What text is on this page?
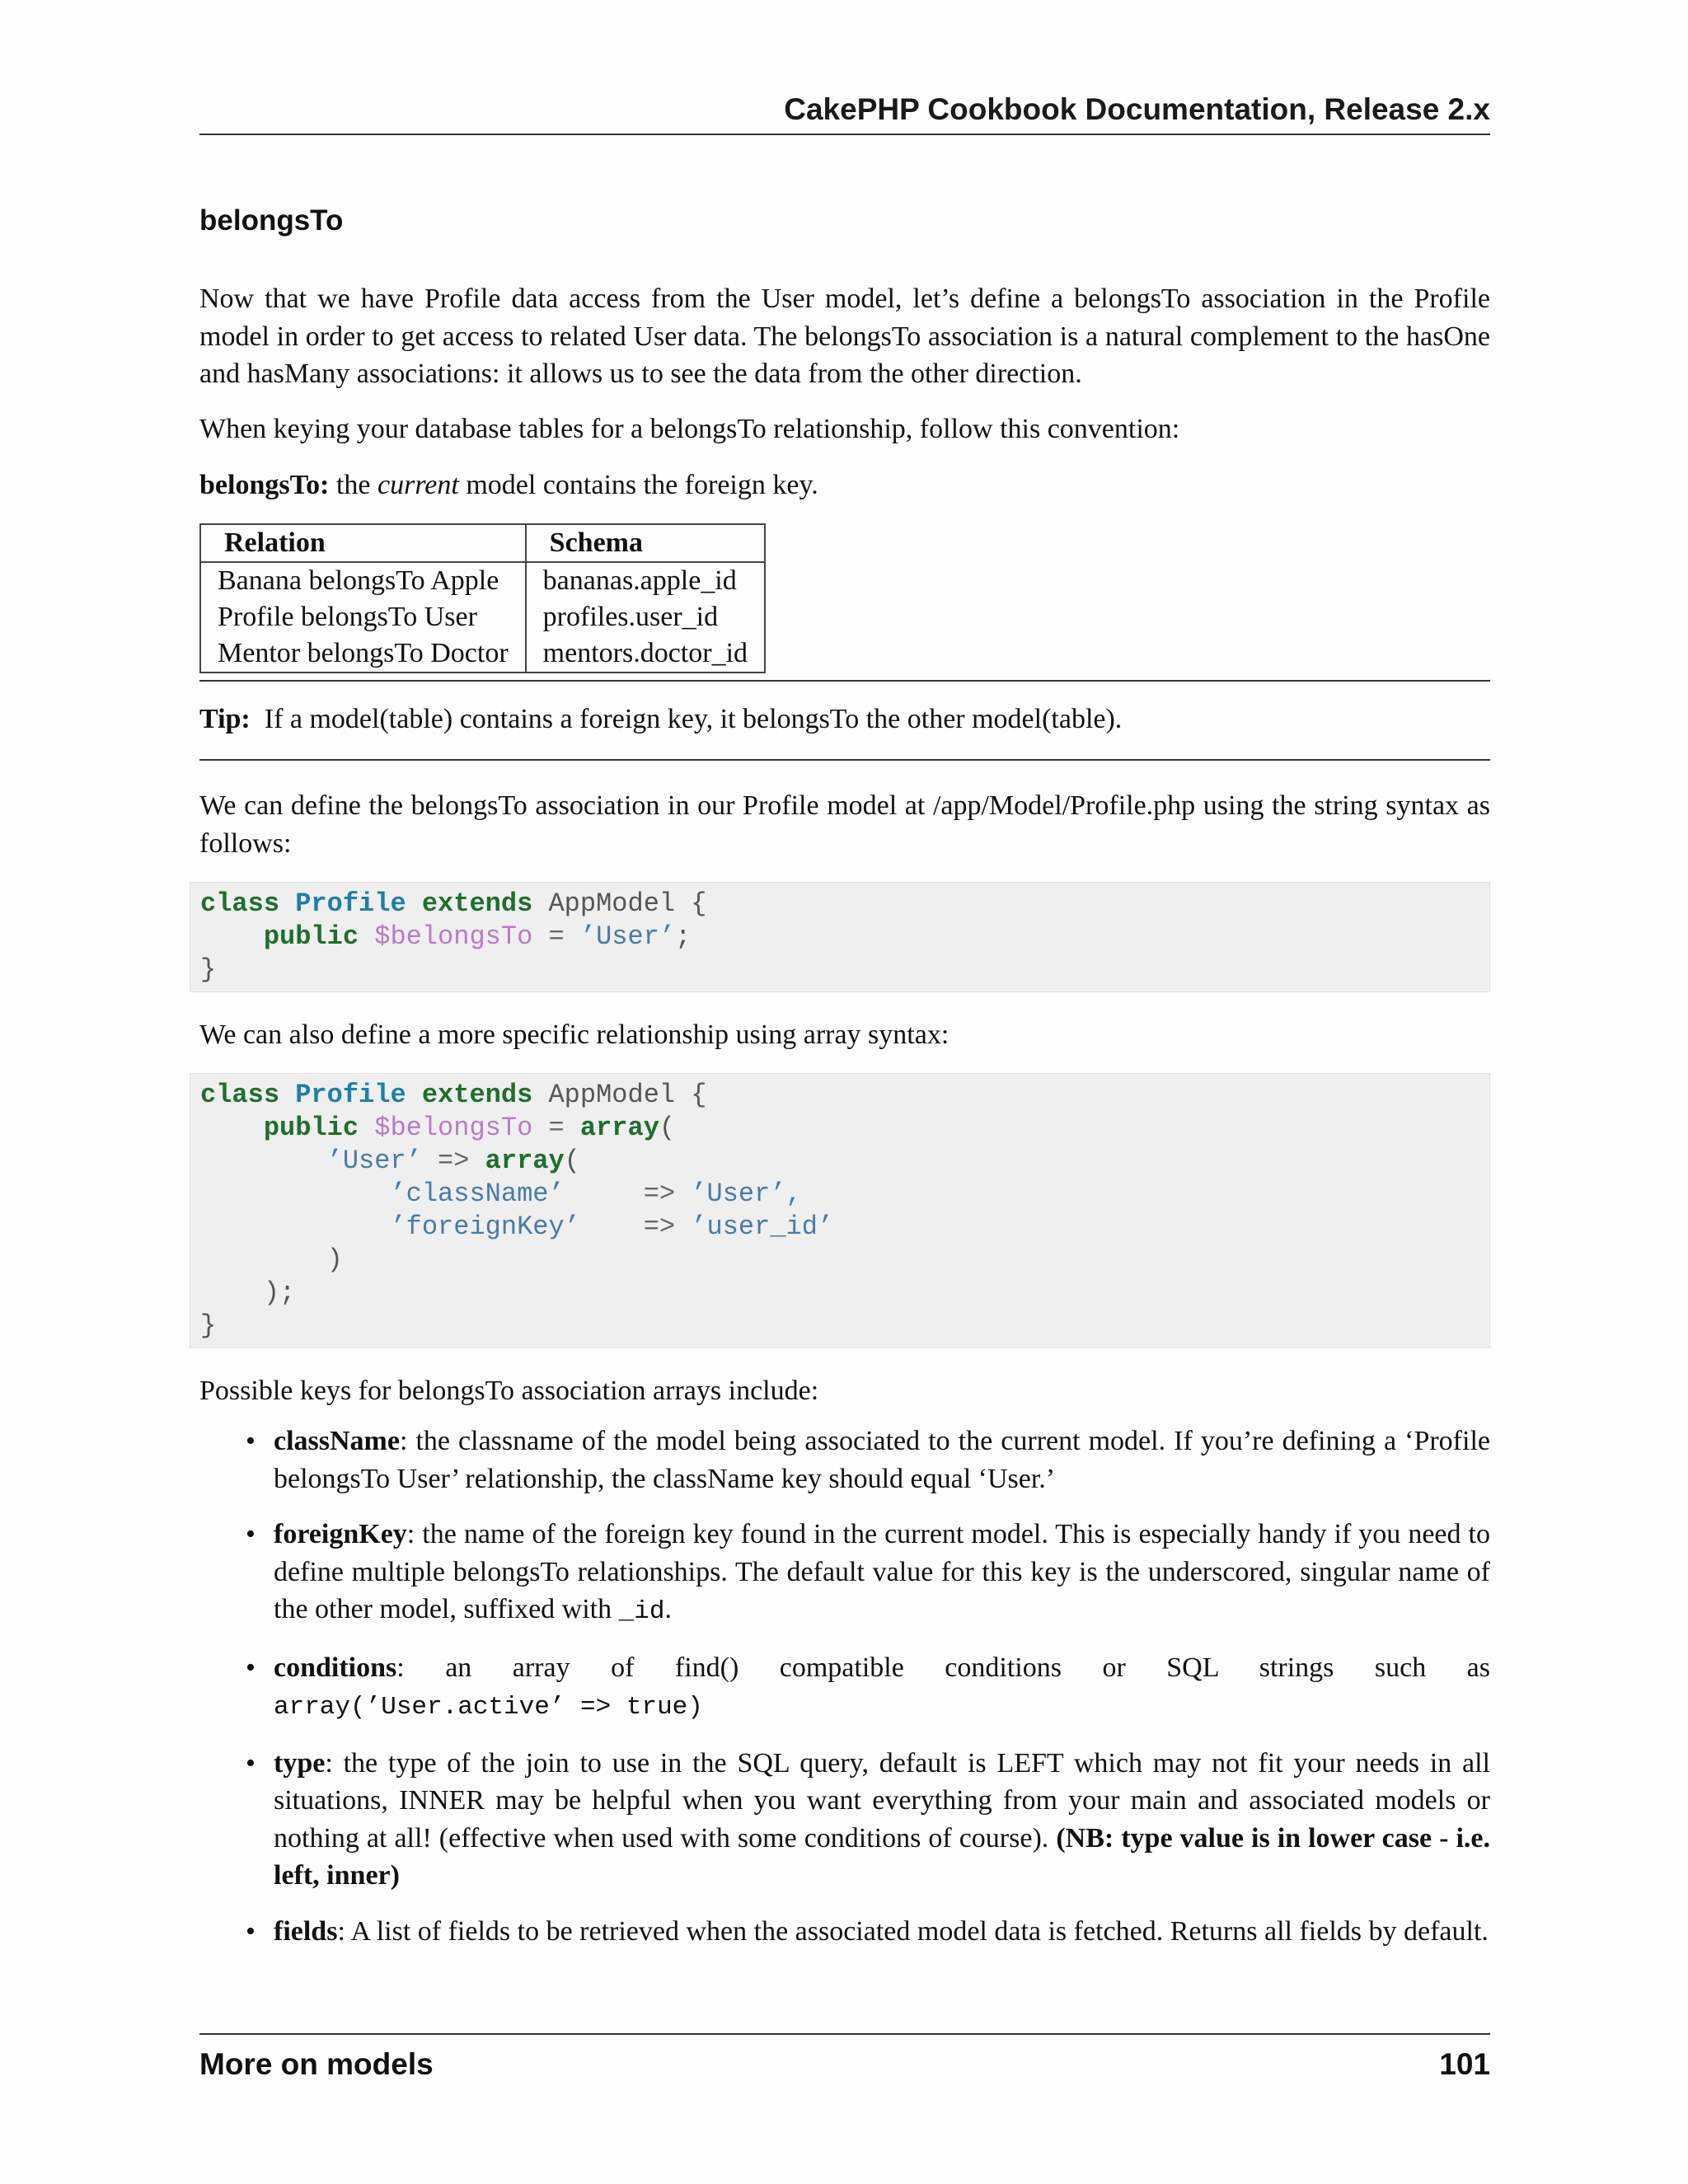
CakePHP Cookbook Documentation, Release 2.x
belongsTo
Now that we have Profile data access from the User model, let’s define a belongsTo association in the Profile model in order to get access to related User data. The belongsTo association is a natural complement to the hasOne and hasMany associations: it allows us to see the data from the other direction.
When keying your database tables for a belongsTo relationship, follow this convention:
belongsTo: the current model contains the foreign key.
Relation	Schema
Banana belongsTo Apple	bananas.apple_id
Profile belongsTo User	profiles.user_id
Mentor belongsTo Doctor	mentors.doctor_id
Tip: If a model(table) contains a foreign key, it belongsTo the other model(table).
We can define the belongsTo association in our Profile model at /app/Model/Profile.php using the string syntax as follows:
class Profile extends AppModel {
public $belongsTo = ’User’;
}
We can also define a more specific relationship using array syntax:
class Profile extends AppModel {
public $belongsTo = array(
’User’ => array(
’className’	=> ’User’,
’foreignKey’ => ’user_id’
)
);
}
Possible keys for belongsTo association arrays include:
• className: the classname of the model being associated to the current model. If you’re defining a ‘Profile belongsTo User’ relationship, the className key should equal ‘User.’
• foreignKey: the name of the foreign key found in the current model. This is especially handy if you need to define multiple belongsTo relationships. The default value for this key is the underscored, singular name of the other model, suffixed with _id.
• conditions: an array of find() compatible conditions or SQL strings such as array(’User.active’ => true)
• type: the type of the join to use in the SQL query, default is LEFT which may not fit your needs in all situations, INNER may be helpful when you want everything from your main and associated models or nothing at all! (effective when used with some conditions of course). (NB: type value is in lower case - i.e. left, inner)
• fields: A list of fields to be retrieved when the associated model data is fetched. Returns all fields by default.
More on models	101
